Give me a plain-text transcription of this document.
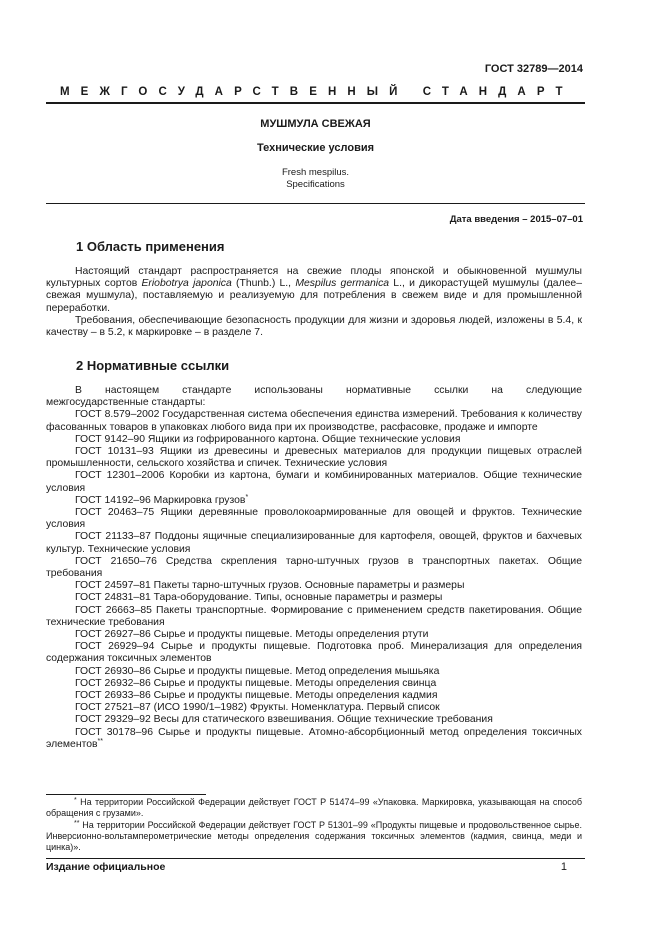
ГОСТ 32789—2014
МЕЖГОСУДАРСТВЕННЫЙ СТАНДАРТ
МУШМУЛА СВЕЖАЯ
Технические условия
Fresh mespilus.
Specifications
Дата введения – 2015–07–01
1 Область применения

Настоящий стандарт распространяется на свежие плоды японской и обыкновенной мушмулы культурных сортов Eriobotrya japonica (Thunb.) L., Mespilus germanica L., и дикорастущей мушмулы (далее– свежая мушмула), поставляемую и реализуемую для потребления в свежем виде и для промышленной переработки.

Требования, обеспечивающие безопасность продукции для жизни и здоровья людей, изложены в 5.4, к качеству – в 5.2, к маркировке – в разделе 7.

2 Нормативные ссылки

В настоящем стандарте использованы нормативные ссылки на следующие

межгосударственные стандарты:

ГОСТ 8.579–2002 Государственная система обеспечения единства измерений. Требования к количеству фасованных товаров в упаковках любого вида при их производстве, расфасовке, продаже и импорте

ГОСТ 9142–90 Ящики из гофрированного картона. Общие технические условия

ГОСТ 10131–93 Ящики из древесины и древесных материалов для продукции пищевых отраслей промышленности, сельского хозяйства и спичек. Технические условия

ГОСТ 12301–2006 Коробки из картона, бумаги и комбинированных материалов. Общие технические условия

ГОСТ 14192–96 Маркировка грузов*

ГОСТ 20463–75 Ящики деревянные проволокоармированные для овощей и фруктов. Технические условия

ГОСТ 21133–87 Поддоны ящичные специализированные для картофеля, овощей, фруктов и бахчевых культур. Технические условия

ГОСТ 21650–76 Средства скрепления тарно-штучных грузов в транспортных пакетах. Общие требования

ГОСТ 24597–81 Пакеты тарно-штучных грузов. Основные параметры и размеры

ГОСТ 24831–81 Тара-оборудование. Типы, основные параметры и размеры

ГОСТ 26663–85 Пакеты транспортные. Формирование с применением средств пакетирования. Общие технические требования

ГОСТ 26927–86 Сырье и продукты пищевые. Методы определения ртути

ГОСТ 26929–94 Сырье и продукты пищевые. Подготовка проб. Минерализация для определения содержания токсичных элементов

ГОСТ 26930–86 Сырье и продукты пищевые. Метод определения мышьяка

ГОСТ 26932–86 Сырье и продукты пищевые. Методы определения свинца

ГОСТ 26933–86 Сырье и продукты пищевые. Методы определения кадмия

ГОСТ 27521–87 (ИСО 1990/1–1982) Фрукты. Номенклатура. Первый список

ГОСТ 29329–92 Весы для статического взвешивания. Общие технические требования

ГОСТ 30178–96 Сырье и продукты пищевые. Атомно-абсорбционный метод определения токсичных элементов**

* На территории Российской Федерации действует ГОСТ Р 51474–99 «Упаковка. Маркировка, указывающая на способ обращения с грузами».

** На территории Российской Федерации действует ГОСТ Р 51301–99 «Продукты пищевые и продовольственное сырье. Инверсионно-вольтамперометрические методы определения содержания токсичных элементов (кадмия, свинца, меди и цинка)».

Издание официальное	1
